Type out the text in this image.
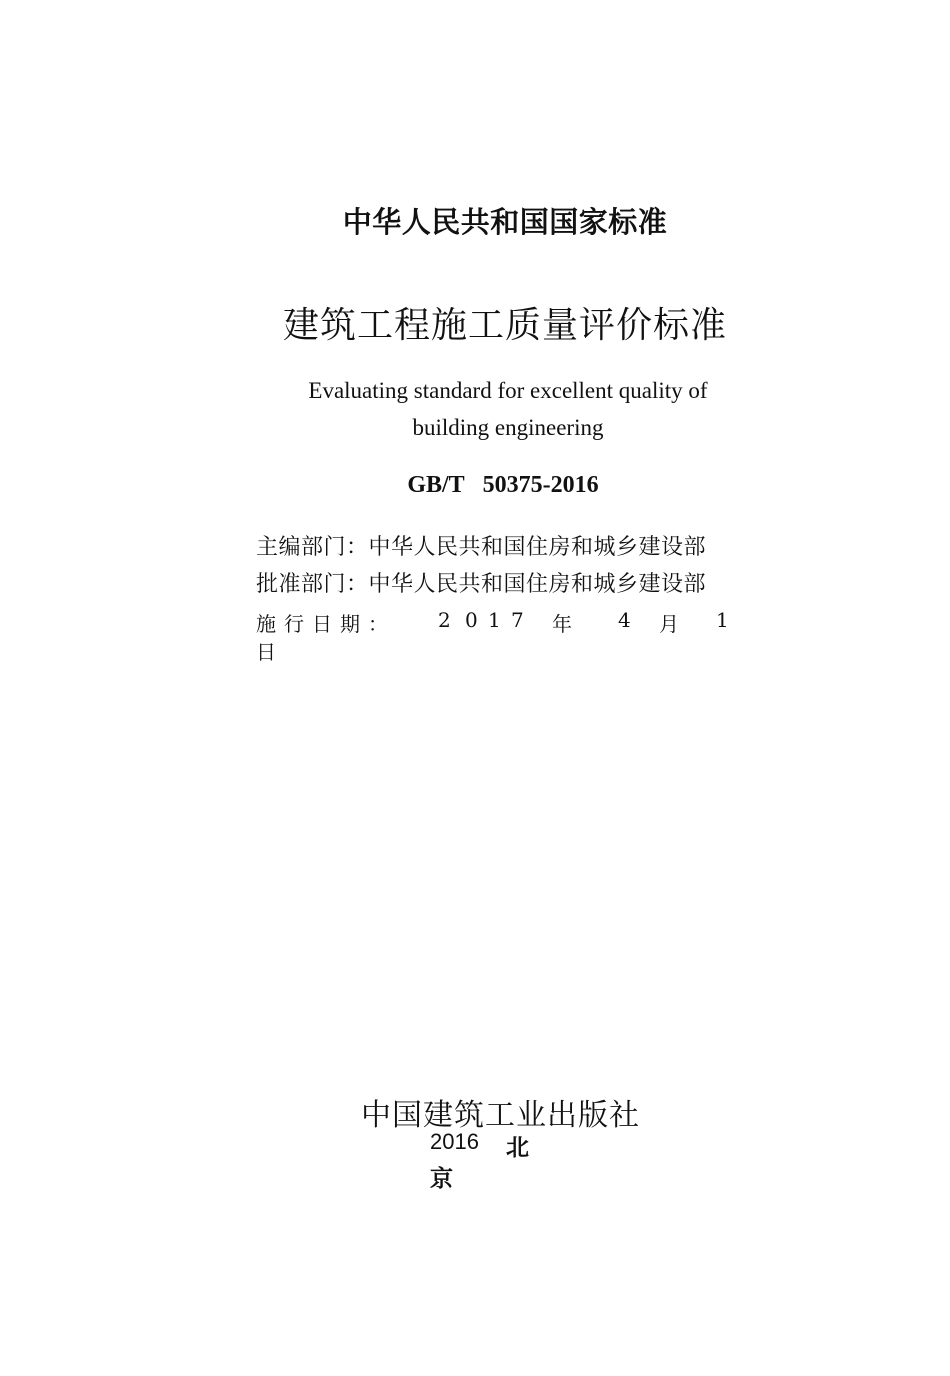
中华人民共和国国家标准
建筑工程施工质量评价标准
Evaluating standard for excellent quality of
building engineering
GB/T 50375-2016
主编部门：中华人民共和国住房和城乡建设部
批准部门：中华人民共和国住房和城乡建设部
施 行 日 期 ：	2 0 1 7 年 4 月 1
日
中国建筑工业出版社
2016 北
京
